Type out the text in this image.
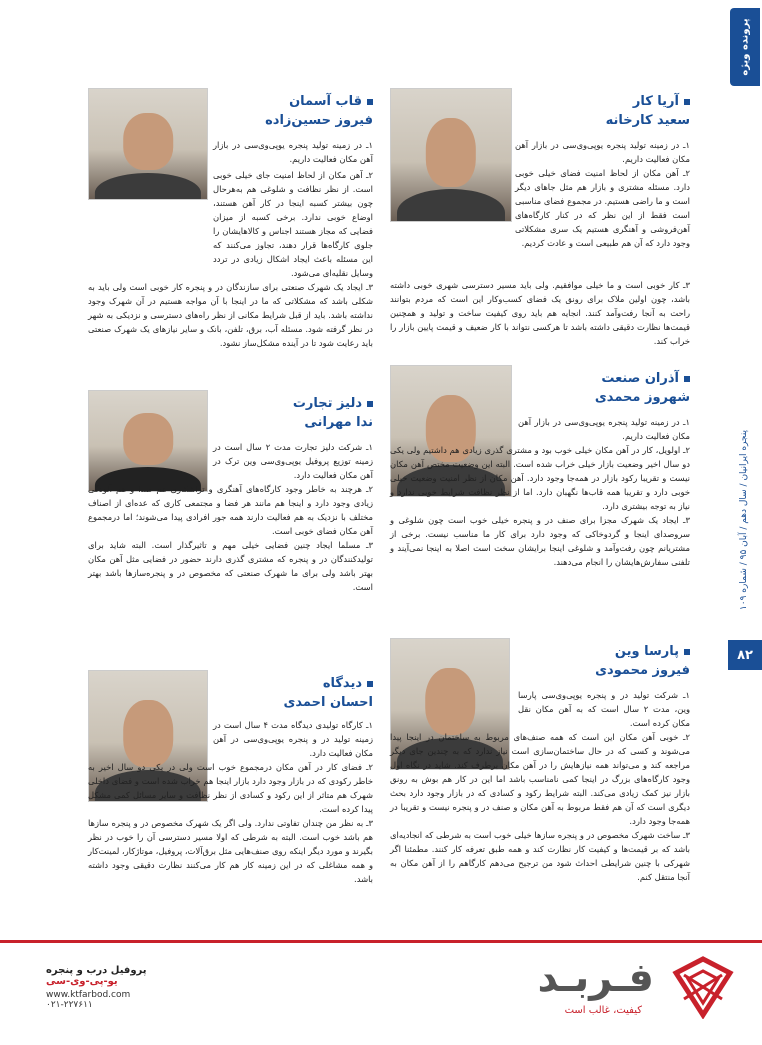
پرونده ویژه
پنجره ایرانیان / سال دهم / آبان ۹۵ / شماره ۱۰۹
۸۲
آریا کار
سعید کارخانه

۱ـ در زمینه تولید پنجره یوپی‌وی‌سی در بازار آهن مکان فعالیت داریم.

۲ـ آهن مکان از لحاظ امنیت فضای خیلی خوبی دارد. مسئله مشتری و بازار هم مثل جاهای دیگر است و ما راضی هستیم. در مجموع فضای مناسبی است فقط از این نظر که در کنار کارگاه‌های آهن‌فروشی و آهنگری هستیم یک سری مشکلاتی وجود دارد که آن هم طبیعی است و عادت کردیم.

۳ـ کار خوبی است و ما خیلی موافقیم. ولی باید مسیر دسترسی شهری خوبی داشته باشد، چون اولین ملاک برای رونق یک فضای کسب‌وکار این است که مردم بتوانند راحت به آنجا رفت‌وآمد کنند. انجایه هم باید روی کیفیت ساخت و تولید و همچنین قیمت‌ها نظارت دقیقی داشته باشد تا هرکسی نتواند با کار ضعیف و قیمت پایین بازار را خراب کند.

قاب آسمان
فیروز حسین‌زاده

۱ـ در زمینه تولید پنجره یوپی‌وی‌سی در بازار آهن مکان فعالیت داریم.

۲ـ آهن مکان از لحاظ امنیت جای خیلی خوبی است. از نظر نظافت و شلوغی هم به‌هرحال چون بیشتر کسبه اینجا در کار آهن هستند، اوضاع خوبی ندارد. برخی کسبه از میزان فضایی که مجاز هستند اجناس و کالاهایشان را جلوی کارگاه‌ها قرار دهند، تجاوز می‌کنند که این مسئله باعث ایجاد اشکال زیادی در تردد وسایل نقلیه‌ای می‌شود.

۳ـ ایجاد یک شهرک صنعتی برای سازندگان در و پنجره کار خوبی است ولی باید به شکلی باشد که مشکلاتی که ما در اینجا با آن مواجه هستیم در آن شهرک وجود نداشته باشد. باید از قبل شرایط مکانی از نظر راه‌های دسترسی و نزدیکی به شهر در نظر گرفته شود. مسئله آب، برق، تلفن، بانک و سایر نیازهای یک شهرک صنعتی باید رعایت شود تا در آینده مشکل‌ساز نشود.

آذران صنعت
شهروز محمدی

۱ـ در زمینه تولید پنجره یوپی‌وی‌سی در بازار آهن مکان فعالیت داریم.

۲ـ اولویل، کار در آهن مکان خیلی خوب بود و مشتری گذری زیادی هم داشتیم ولی یکی دو سال اخیر وضعیت بازار خیلی خراب شده است. البته این وضعیت مختص آهن مکان نیست و تقریبا رکود بازار در همه‌جا وجود دارد. آهن مکان از نظر امنیت وضعیت خیلی خوبی دارد و تقریبا همه قاب‌ها نگهبان دارد. اما از نظر نظافت شرایط خوبی ندارد و نیاز به توجه بیشتری دارد.

۳ـ ایجاد یک شهرک مجزا برای صنف در و پنجره خیلی خوب است چون شلوغی و سروصدای اینجا و گردوخاکی که وجود دارد برای کار ما مناسب نیست. برخی از مشتریانم چون رفت‌وآمد و شلوغی اینجا برایشان سخت است اصلا به اینجا نمی‌آیند و تلفنی سفارش‌هایشان را انجام می‌دهند.

دلیز تجارت
ندا مهرانی

۱ـ شرکت دلیز تجارت مدت ۲ سال است در زمینه توزیع پروفیل یوپی‌وی‌سی وین ترک در آهن مکان فعالیت دارد.

۲ـ هرچند به خاطر وجود کارگاه‌های آهنگری و تراشکاری هم صدا و هم آلودگی زیادی وجود دارد و اینجا هم مانند هر فضا و مجتمعی کاری که عده‌ای از اصناف مختلف با نزدیک به هم فعالیت دارند همه جور افرادی پیدا می‌شوند؛ اما درمجموع آهن مکان فضای خوبی است.

۳ـ مسلما ایجاد چنین فضایی خیلی مهم و تاثیرگذار است. البته شاید برای تولیدکنندگان در و پنجره که مشتری گذری دارند حضور در فضایی مثل آهن مکان بهتر باشد ولی برای ما شهرک صنعتی که مخصوص در و پنجره‌سازها باشد بهتر است.

پارسا وین
فیروز محمودی

۱ـ شرکت تولید در و پنجره یوپی‌وی‌سی پارسا وین، مدت ۲ سال است که به آهن مکان نقل مکان کرده است.

۲ـ خوبی آهن مکان این است که همه صنف‌های مربوط به ساختمان در اینجا پیدا می‌شوند و کسی که در حال ساختمان‌سازی است نیاز ندارد که به چندین جای دیگر مراجعه کند و می‌تواند همه نیازهایش را در آهن مکان برطرف کند. شاید در نگاه اول وجود کارگاه‌های بزرگ در اینجا کمی نامناسب باشد اما این در کار هم بوش به رونق بازار نیز کمک زیادی می‌کند. البته شرایط رکود و کسادی که در بازار وجود دارد بحث دیگری است که آن هم فقط مربوط به آهن مکان و صنف در و پنجره نیست و تقریبا در همه‌جا وجود دارد.

۳ـ ساخت شهرک مخصوص در و پنجره سازها خیلی خوب است به شرطی که انجادیه‌ای باشد که بر قیمت‌ها و کیفیت کار نظارت کند و همه طبق تعرفه کار کنند. مطمئنا اگر شهرکی با چنین شرایطی احداث شود من ترجیح می‌دهم کارگاهم را از آهن مکان به آنجا منتقل کنم.

دیدگاه
احسان احمدی

۱ـ کارگاه تولیدی دیدگاه مدت ۴ سال است در زمینه تولید در و پنجره یوپی‌وی‌سی در آهن مکان فعالیت دارد.

۲ـ فضای کار در آهن مکان درمجموع خوب است ولی در یکی دو سال اخیر به خاطر رکودی که در بازار وجود دارد بازار اینجا هم خراب شده است و فضای داخلی شهرک هم متاثر از این رکود و کسادی از نظر نظافت و سایر مسائل کمی مشکل پیدا کرده است.

۳ـ به نظر من چندان تفاوتی ندارد. ولی اگر یک شهرک مخصوص در و پنجره سازها هم باشد خوب است. البته به شرطی که اولا مسیر دسترسی آن را خوب در نظر بگیرند و مورد دیگر اینکه روی صنف‌هایی مثل برق‌آلات، پروفیل، موتاژکار، لمینت‌کار و همه مشاغلی که در این زمینه کار هم کار می‌کنند نظارت دقیقی وجود داشته باشد.

فـربـد
کیفیت، غالب است
پروفیل درب و پنجره
یو-پی-وی-سی
www.ktfarbod.com
۰۲۱-۲۲۷۶۱۱
